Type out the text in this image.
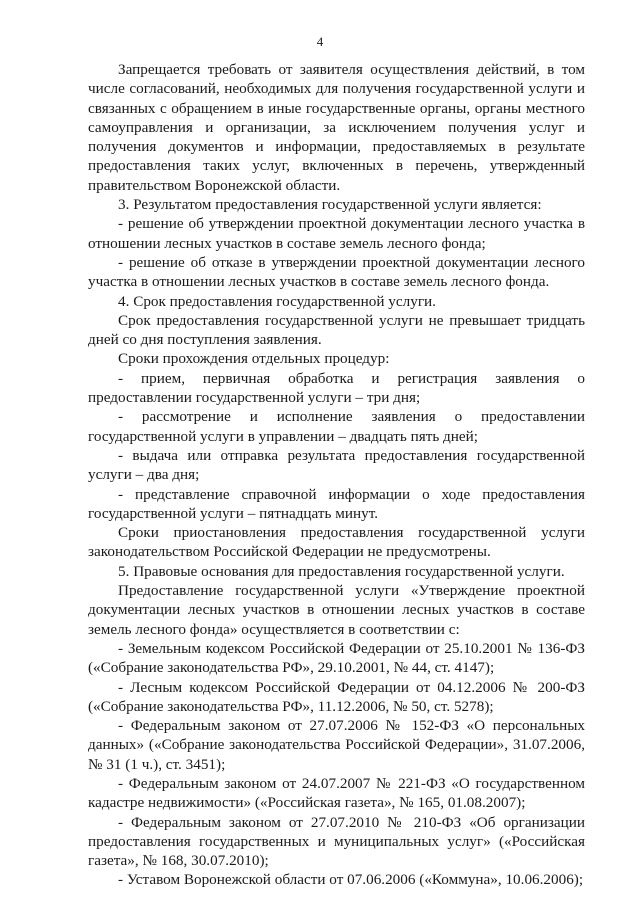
4

Запрещается требовать от заявителя осуществления действий, в том числе согласований, необходимых для получения государственной услуги и связанных с обращением в иные государственные органы, органы местного самоуправления и организации, за исключением получения услуг и получения документов и информации, предоставляемых в результате предоставления таких услуг, включенных в перечень, утвержденный правительством Воронежской области.

3. Результатом предоставления государственной услуги является:

- решение об утверждении проектной документации лесного участка в отношении лесных участков в составе земель лесного фонда;

- решение об отказе в утверждении проектной документации лесного участка в отношении лесных участков в составе земель лесного фонда.

4. Срок предоставления государственной услуги.

Срок предоставления государственной услуги не превышает тридцать дней со дня поступления заявления.

Сроки прохождения отдельных процедур:

- прием, первичная обработка и регистрация заявления о предоставлении государственной услуги – три дня;

- рассмотрение и исполнение заявления о предоставлении государственной услуги в управлении – двадцать пять дней;

- выдача или отправка результата предоставления государственной услуги – два дня;

- представление справочной информации о ходе предоставления государственной услуги – пятнадцать минут.

Сроки приостановления предоставления государственной услуги законодательством Российской Федерации не предусмотрены.

5. Правовые основания для предоставления государственной услуги.

Предоставление государственной услуги «Утверждение проектной документации лесных участков в отношении лесных участков в составе земель лесного фонда» осуществляется в соответствии с:

- Земельным кодексом Российской Федерации от 25.10.2001 № 136-ФЗ («Собрание законодательства РФ», 29.10.2001, № 44, ст. 4147);

- Лесным кодексом Российской Федерации от 04.12.2006 № 200-ФЗ («Собрание законодательства РФ», 11.12.2006, № 50, ст. 5278);

- Федеральным законом от 27.07.2006 № 152-ФЗ «О персональных данных» («Собрание законодательства Российской Федерации», 31.07.2006, № 31 (1 ч.), ст. 3451);

- Федеральным законом от 24.07.2007 № 221-ФЗ «О государственном кадастре недвижимости» («Российская газета», № 165, 01.08.2007);

- Федеральным законом от 27.07.2010 № 210-ФЗ «Об организации предоставления государственных и муниципальных услуг» («Российская газета», № 168, 30.07.2010);

- Уставом Воронежской области от 07.06.2006 («Коммуна», 10.06.2006);
